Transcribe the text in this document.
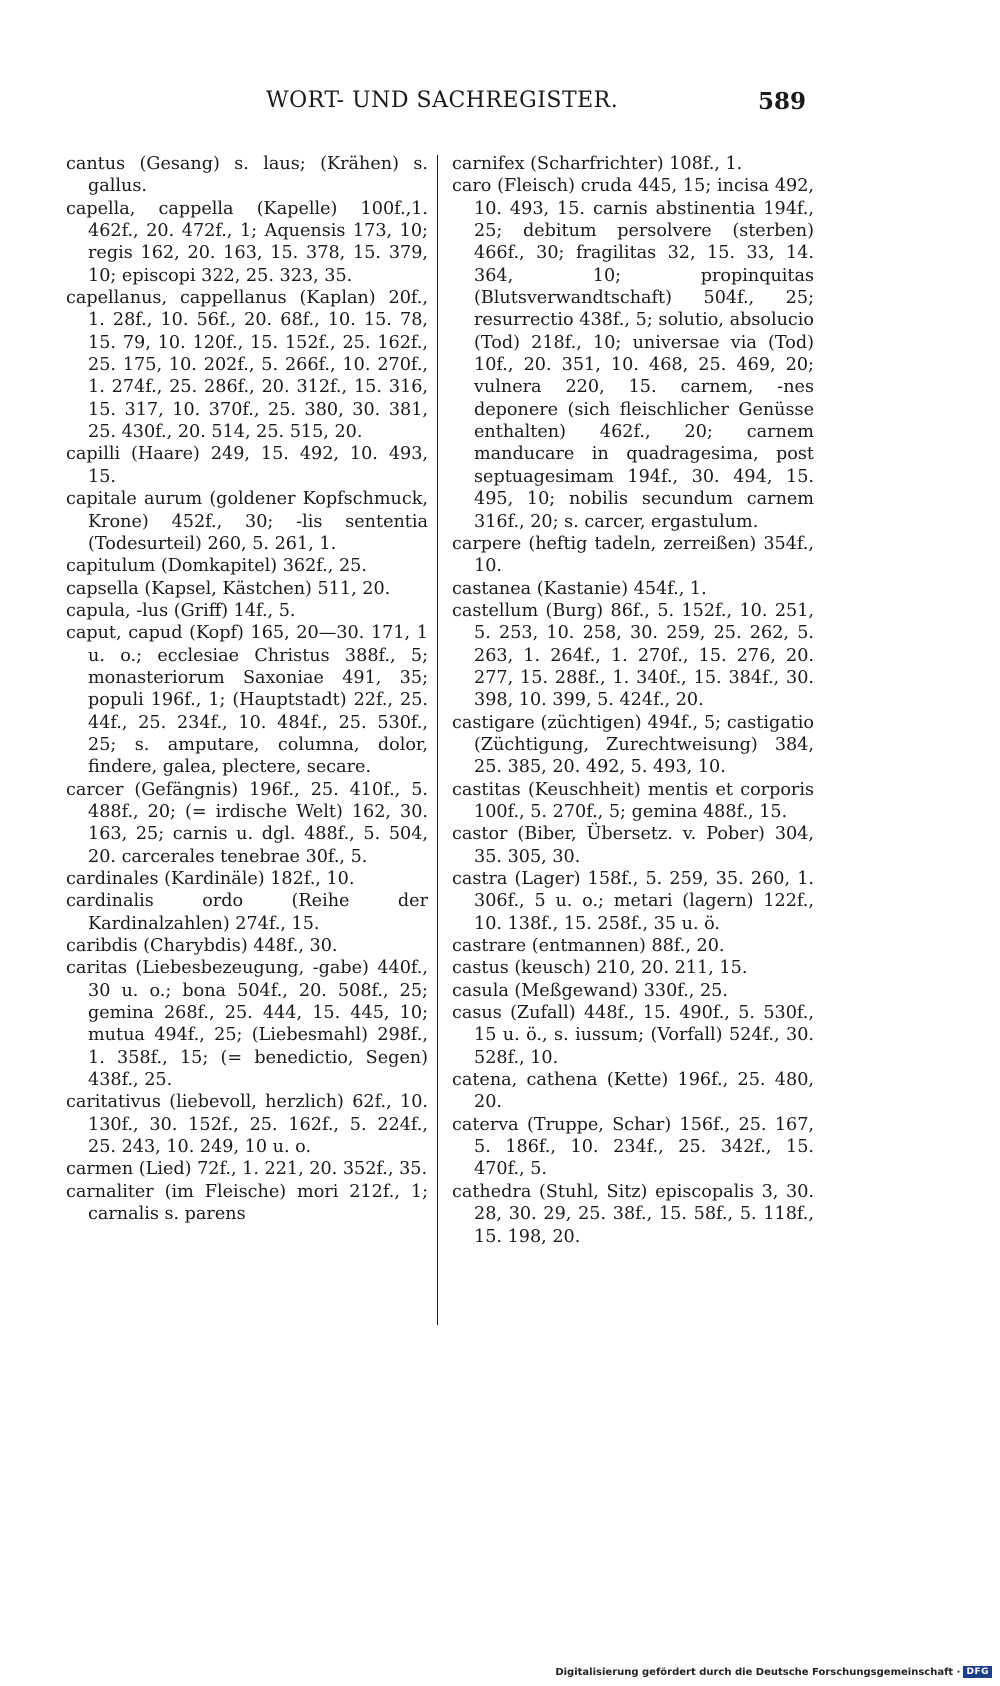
WORT- UND SACHREGISTER.	589
cantus (Gesang) s. laus; (Krähen) s. gallus.
capella, cappella (Kapelle) 100f.,1. 462f., 20. 472f., 1; Aquensis 173, 10; regis 162, 20. 163, 15. 378, 15. 379, 10; episcopi 322, 25. 323, 35.
capellanus, cappellanus (Kaplan) 20f., 1. 28f., 10. 56f., 20. 68f., 10. 15. 78, 15. 79, 10. 120f., 15. 152f., 25. 162f., 25. 175, 10. 202f., 5. 266f., 10. 270f., 1. 274f., 25. 286f., 20. 312f., 15. 316, 15. 317, 10. 370f., 25. 380, 30. 381, 25. 430f., 20. 514, 25. 515, 20.
capilli (Haare) 249, 15. 492, 10. 493, 15.
capitale aurum (goldener Kopfschmuck, Krone) 452f., 30; -lis sententia (Todesurteil) 260, 5. 261, 1.
capitulum (Domkapitel) 362f., 25.
capsella (Kapsel, Kästchen) 511, 20.
capula, -lus (Griff) 14f., 5.
caput, capud (Kopf) 165, 20—30. 171, 1 u. o.; ecclesiae Christus 388f., 5; monasteriorum Saxoniae 491, 35; populi 196f., 1; (Hauptstadt) 22f., 25. 44f., 25. 234f., 10. 484f., 25. 530f., 25; s. amputare, columna, dolor, findere, galea, plectere, secare.
carcer (Gefängnis) 196f., 25. 410f., 5. 488f., 20; (= irdische Welt) 162, 30. 163, 25; carnis u. dgl. 488f., 5. 504, 20. carcerales tenebrae 30f., 5.
cardinales (Kardinäle) 182f., 10.
cardinalis ordo (Reihe der Kardinalzahlen) 274f., 15.
caribdis (Charybdis) 448f., 30.
caritas (Liebesbezeugung, -gabe) 440f., 30 u. o.; bona 504f., 20. 508f., 25; gemina 268f., 25. 444, 15. 445, 10; mutua 494f., 25; (Liebesmahl) 298f., 1. 358f., 15; (= benedictio, Segen) 438f., 25.
caritativus (liebevoll, herzlich) 62f., 10. 130f., 30. 152f., 25. 162f., 5. 224f., 25. 243, 10. 249, 10 u. o.
carmen (Lied) 72f., 1. 221, 20. 352f., 35.
carnaliter (im Fleische) mori 212f., 1; carnalis s. parens
carnifex (Scharfrichter) 108f., 1.
caro (Fleisch) cruda 445, 15; incisa 492, 10. 493, 15. carnis abstinentia 194f., 25; debitum persolvere (sterben) 466f., 30; fragilitas 32, 15. 33, 14. 364, 10; propinquitas (Blutsverwandtschaft) 504f., 25; resurrectio 438f., 5; solutio, absolucio (Tod) 218f., 10; universae via (Tod) 10f., 20. 351, 10. 468, 25. 469, 20; vulnera 220, 15. carnem, -nes deponere (sich fleischlicher Genüsse enthalten) 462f., 20; carnem manducare in quadragesima, post septuagesimam 194f., 30. 494, 15. 495, 10; nobilis secundum carnem 316f., 20; s. carcer, ergastulum.
carpere (heftig tadeln, zerreißen) 354f., 10.
castanea (Kastanie) 454f., 1.
castellum (Burg) 86f., 5. 152f., 10. 251, 5. 253, 10. 258, 30. 259, 25. 262, 5. 263, 1. 264f., 1. 270f., 15. 276, 20. 277, 15. 288f., 1. 340f., 15. 384f., 30. 398, 10. 399, 5. 424f., 20.
castigare (züchtigen) 494f., 5; castigatio (Züchtigung, Zurechtweisung) 384, 25. 385, 20. 492, 5. 493, 10.
castitas (Keuschheit) mentis et corporis 100f., 5. 270f., 5; gemina 488f., 15.
castor (Biber, Übersetz. v. Pober) 304, 35. 305, 30.
castra (Lager) 158f., 5. 259, 35. 260, 1. 306f., 5 u. o.; metari (lagern) 122f., 10. 138f., 15. 258f., 35 u. ö.
castrare (entmannen) 88f., 20.
castus (keusch) 210, 20. 211, 15.
casula (Meßgewand) 330f., 25.
casus (Zufall) 448f., 15. 490f., 5. 530f., 15 u. ö., s. iussum; (Vorfall) 524f., 30. 528f., 10.
catena, cathena (Kette) 196f., 25. 480, 20.
caterva (Truppe, Schar) 156f., 25. 167, 5. 186f., 10. 234f., 25. 342f., 15. 470f., 5.
cathedra (Stuhl, Sitz) episcopalis 3, 30. 28, 30. 29, 25. 38f., 15. 58f., 5. 118f., 15. 198, 20.
Digitalisierung gefördert durch die Deutsche Forschungsgemeinschaft · DFG
